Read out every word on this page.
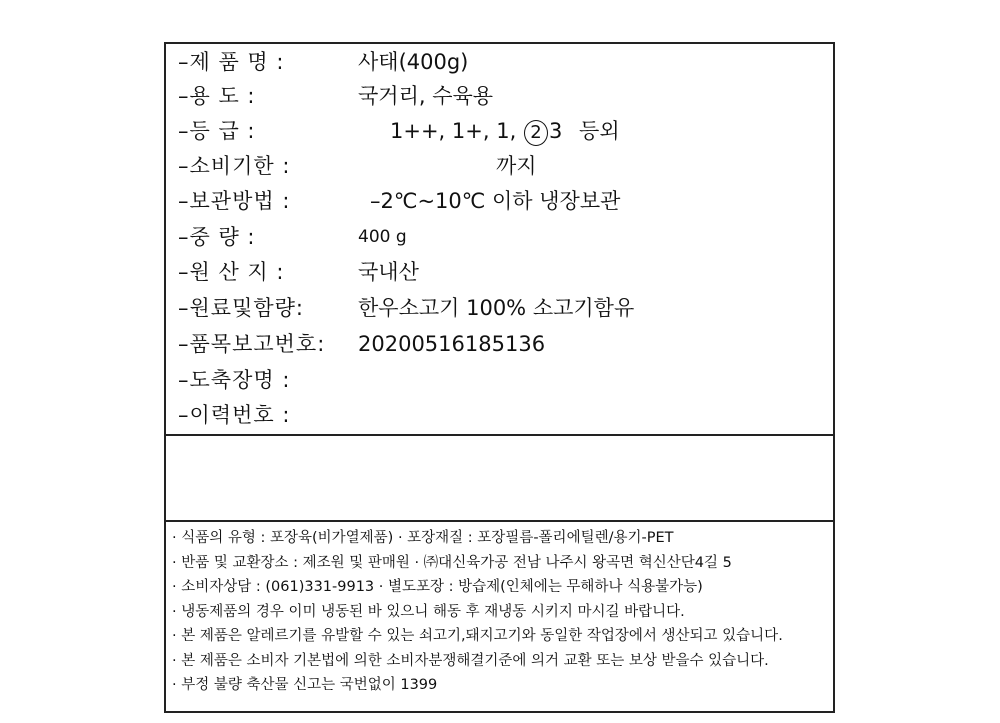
–제 품 명 :	사태(400g)
–용 도 :	국거리, 수육용
–등 급 :	1++, 1+, 1, 2 3 등외
–소비기한 :	까지
–보관방법 :	–2℃~10℃ 이하 냉장보관
–중 량 :	400 g
–원 산 지 :	국내산
–원료및함량:	한우소고기 100% 소고기함유
–품목보고번호: 20200516185136
–도축장명 :
–이력번호 :
· 식품의 유형 : 포장육(비가열제품) · 포장재질 : 포장필름-폴리에틸렌/용기-PET
· 반품 및 교환장소 : 제조원 및 판매원 · ㈜대신육가공 전남 나주시 왕곡면 혁신산단4길 5
· 소비자상담 : (061)331-9913 · 별도포장 : 방습제(인체에는 무해하나 식용불가능)
· 냉동제품의 경우 이미 냉동된 바 있으니 해동 후 재냉동 시키지 마시길 바랍니다.
· 본 제품은 알레르기를 유발할 수 있는 쇠고기,돼지고기와 동일한 작업장에서 생산되고 있습니다.
· 본 제품은 소비자 기본법에 의한 소비자분쟁해결기준에 의거 교환 또는 보상 받을수 있습니다.
· 부정 불량 축산물 신고는 국번없이 1399
